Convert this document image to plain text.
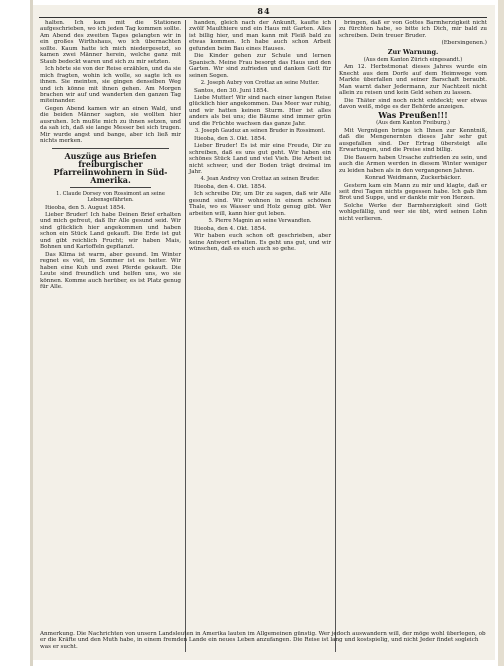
84

halten. Ich kam mit die Stationen aufgeschrieben, wo ich jeden Tag kommen sollte. Am Abend des zweiten Tages gelangten wir in ein großes Wirthshaus, wo ich übernachten sollte. Kaum hatte ich mich niedergesetzt, so kamen zwei Männer herein, welche ganz mit Staub bedeckt waren und sich zu mir setzten.

Ich hörte sie von der Reise erzählen, und da sie mich fragten, wohin ich wolle, so sagte ich es ihnen. Sie meinten, sie gingen denselben Weg und ich könne mit ihnen gehen. Am Morgen brachen wir auf und wanderten den ganzen Tag miteinander.

Gegen Abend kamen wir an einen Wald, und die beiden Männer sagten, sie wollten hier ausruhen. Ich mußte mich zu ihnen setzen, und da sah ich, daß sie lange Messer bei sich trugen. Mir wurde angst und bange, aber ich ließ mir nichts merken.

Auszüge aus Briefen freiburgischer Pfarreiinwohnern in Süd-Amerika.

1. Claude Dorsey von Rossimont an seine Lebensgefährten.

Itieoba, den 5. August 1854.

Lieber Bruder! Ich habe Deinen Brief erhalten und mich gefreut, daß Ihr Alle gesund seid. Wir sind glücklich hier angekommen und haben schon ein Stück Land gekauft. Die Erde ist gut und gibt reichlich Frucht; wir haben Mais, Bohnen und Kartoffeln gepflanzt.

Das Klima ist warm, aber gesund. Im Winter regnet es viel, im Sommer ist es heiter. Wir haben eine Kuh und zwei Pferde gekauft. Die Leute sind freundlich und helfen uns, wo sie können. Komme auch herüber, es ist Platz genug für Alle.

handen, gleich nach der Ankunft, kaufte ich zwölf Maulthiere und ein Haus mit Garten. Alles ist billig hier, und man kann mit Fleiß bald zu etwas kommen. Ich habe auch schon Arbeit gefunden beim Bau eines Hauses.

Die Kinder gehen zur Schule und lernen Spanisch. Meine Frau besorgt das Haus und den Garten. Wir sind zufrieden und danken Gott für seinen Segen.

2. Joseph Aubry von Crottaz an seine Mutter.

Santos, den 30. Juni 1854.

Liebe Mutter! Wir sind nach einer langen Reise glücklich hier angekommen. Das Meer war ruhig, und wir hatten keinen Sturm. Hier ist alles anders als bei uns; die Bäume sind immer grün und die Früchte wachsen das ganze Jahr.

3. Joseph Gauduz an seinen Bruder in Rossimont.

Itieoba, den 3. Okt. 1854.

Lieber Bruder! Es ist mir eine Freude, Dir zu schreiben, daß es uns gut geht. Wir haben ein schönes Stück Land und viel Vieh. Die Arbeit ist nicht schwer, und der Boden trägt dreimal im Jahr.

4. Jean Andrey von Crottaz an seinen Bruder.

Itieoba, den 4. Okt. 1854.

Ich schreibe Dir, um Dir zu sagen, daß wir Alle gesund sind. Wir wohnen in einem schönen Thale, wo es Wasser und Holz genug gibt. Wer arbeiten will, kann hier gut leben.

5. Pierre Magnin an seine Verwandten.

Itieoba, den 4. Okt. 1854.

Wir haben euch schon oft geschrieben, aber keine Antwort erhalten. Es geht uns gut, und wir wünschen, daß es euch auch so gehe.

bringen, daß er von Gottes Barmherzigkeit nicht zu fürchten habe, so bitte ich Dich, mir bald zu schreiben. Dein treuer Bruder.

(Ebersingenen.)

Zur Warnung.

(Aus dem Kanton Zürich eingesandt.)

Am 12. Herbstmonat dieses Jahres wurde ein Knecht aus dem Dorfe auf dem Heimwege vom Markte überfallen und seiner Barschaft beraubt. Man warnt daher Jedermann, zur Nachtzeit nicht allein zu reisen und kein Geld sehen zu lassen.

Die Thäter sind noch nicht entdeckt; wer etwas davon weiß, möge es der Behörde anzeigen.

Was Preußen!!!

(Aus dem Kanton Freiburg.)

Mit Vergnügen bringe ich Ihnen zur Kenntniß, daß die Mengenernten dieses Jahr sehr gut ausgefallen sind. Der Ertrag übersteigt alle Erwartungen, und die Preise sind billig.

Die Bauern haben Ursache zufrieden zu sein, und auch die Armen werden in diesem Winter weniger zu leiden haben als in den vergangenen Jahren.

Konrad Weidmann, Zuckerbäcker.

Gestern kam ein Mann zu mir und klagte, daß er seit drei Tagen nichts gegessen habe. Ich gab ihm Brot und Suppe, und er dankte mir von Herzen.

Solche Werke der Barmherzigkeit sind Gott wohlgefällig, und wer sie übt, wird seinen Lohn nicht verlieren.

Anmerkung. Die Nachrichten von unsern Landsleuten in Amerika lauten im Allgemeinen günstig. Wer jedoch auswandern will, der möge wohl überlegen, ob er die Kräfte und den Muth habe, in einem fremden Lande ein neues Leben anzufangen. Die Reise ist lang und kostspielig, und nicht Jeder findet sogleich was er sucht.
